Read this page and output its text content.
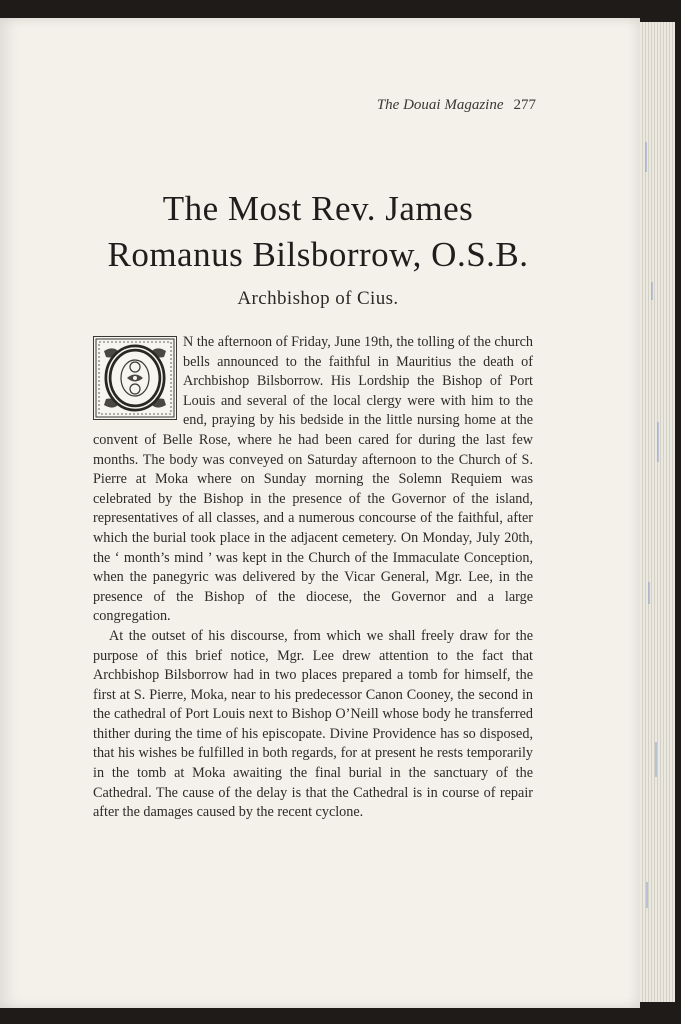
The Douai Magazine 277
The Most Rev. James
Romanus Bilsborrow, O.S.B.
Archbishop of Cius.

N the afternoon of Friday, June 19th, the tolling of the church bells announced to the faithful in Mauritius the death of Archbishop Bilsborrow. His Lordship the Bishop of Port Louis and several of the local clergy were with him to the end, praying by his bedside in the little nursing home at the convent of Belle Rose, where he had been cared for during the last few months. The body was conveyed on Saturday afternoon to the Church of S. Pierre at Moka where on Sunday morning the Solemn Requiem was celebrated by the Bishop in the presence of the Governor of the island, representatives of all classes, and a numerous concourse of the faithful, after which the burial took place in the adjacent cemetery. On Monday, July 20th, the ‘ month’s mind ’ was kept in the Church of the Immaculate Conception, when the panegyric was delivered by the Vicar General, Mgr. Lee, in the presence of the Bishop of the diocese, the Governor and a large congregation.

At the outset of his discourse, from which we shall freely draw for the purpose of this brief notice, Mgr. Lee drew attention to the fact that Archbishop Bilsborrow had in two places prepared a tomb for himself, the first at S. Pierre, Moka, near to his predecessor Canon Cooney, the second in the cathedral of Port Louis next to Bishop O’Neill whose body he transferred thither during the time of his episcopate. Divine Providence has so disposed, that his wishes be fulfilled in both regards, for at present he rests temporarily in the tomb at Moka awaiting the final burial in the sanctuary of the Cathedral. The cause of the delay is that the Cathedral is in course of repair after the damages caused by the recent cyclone.
